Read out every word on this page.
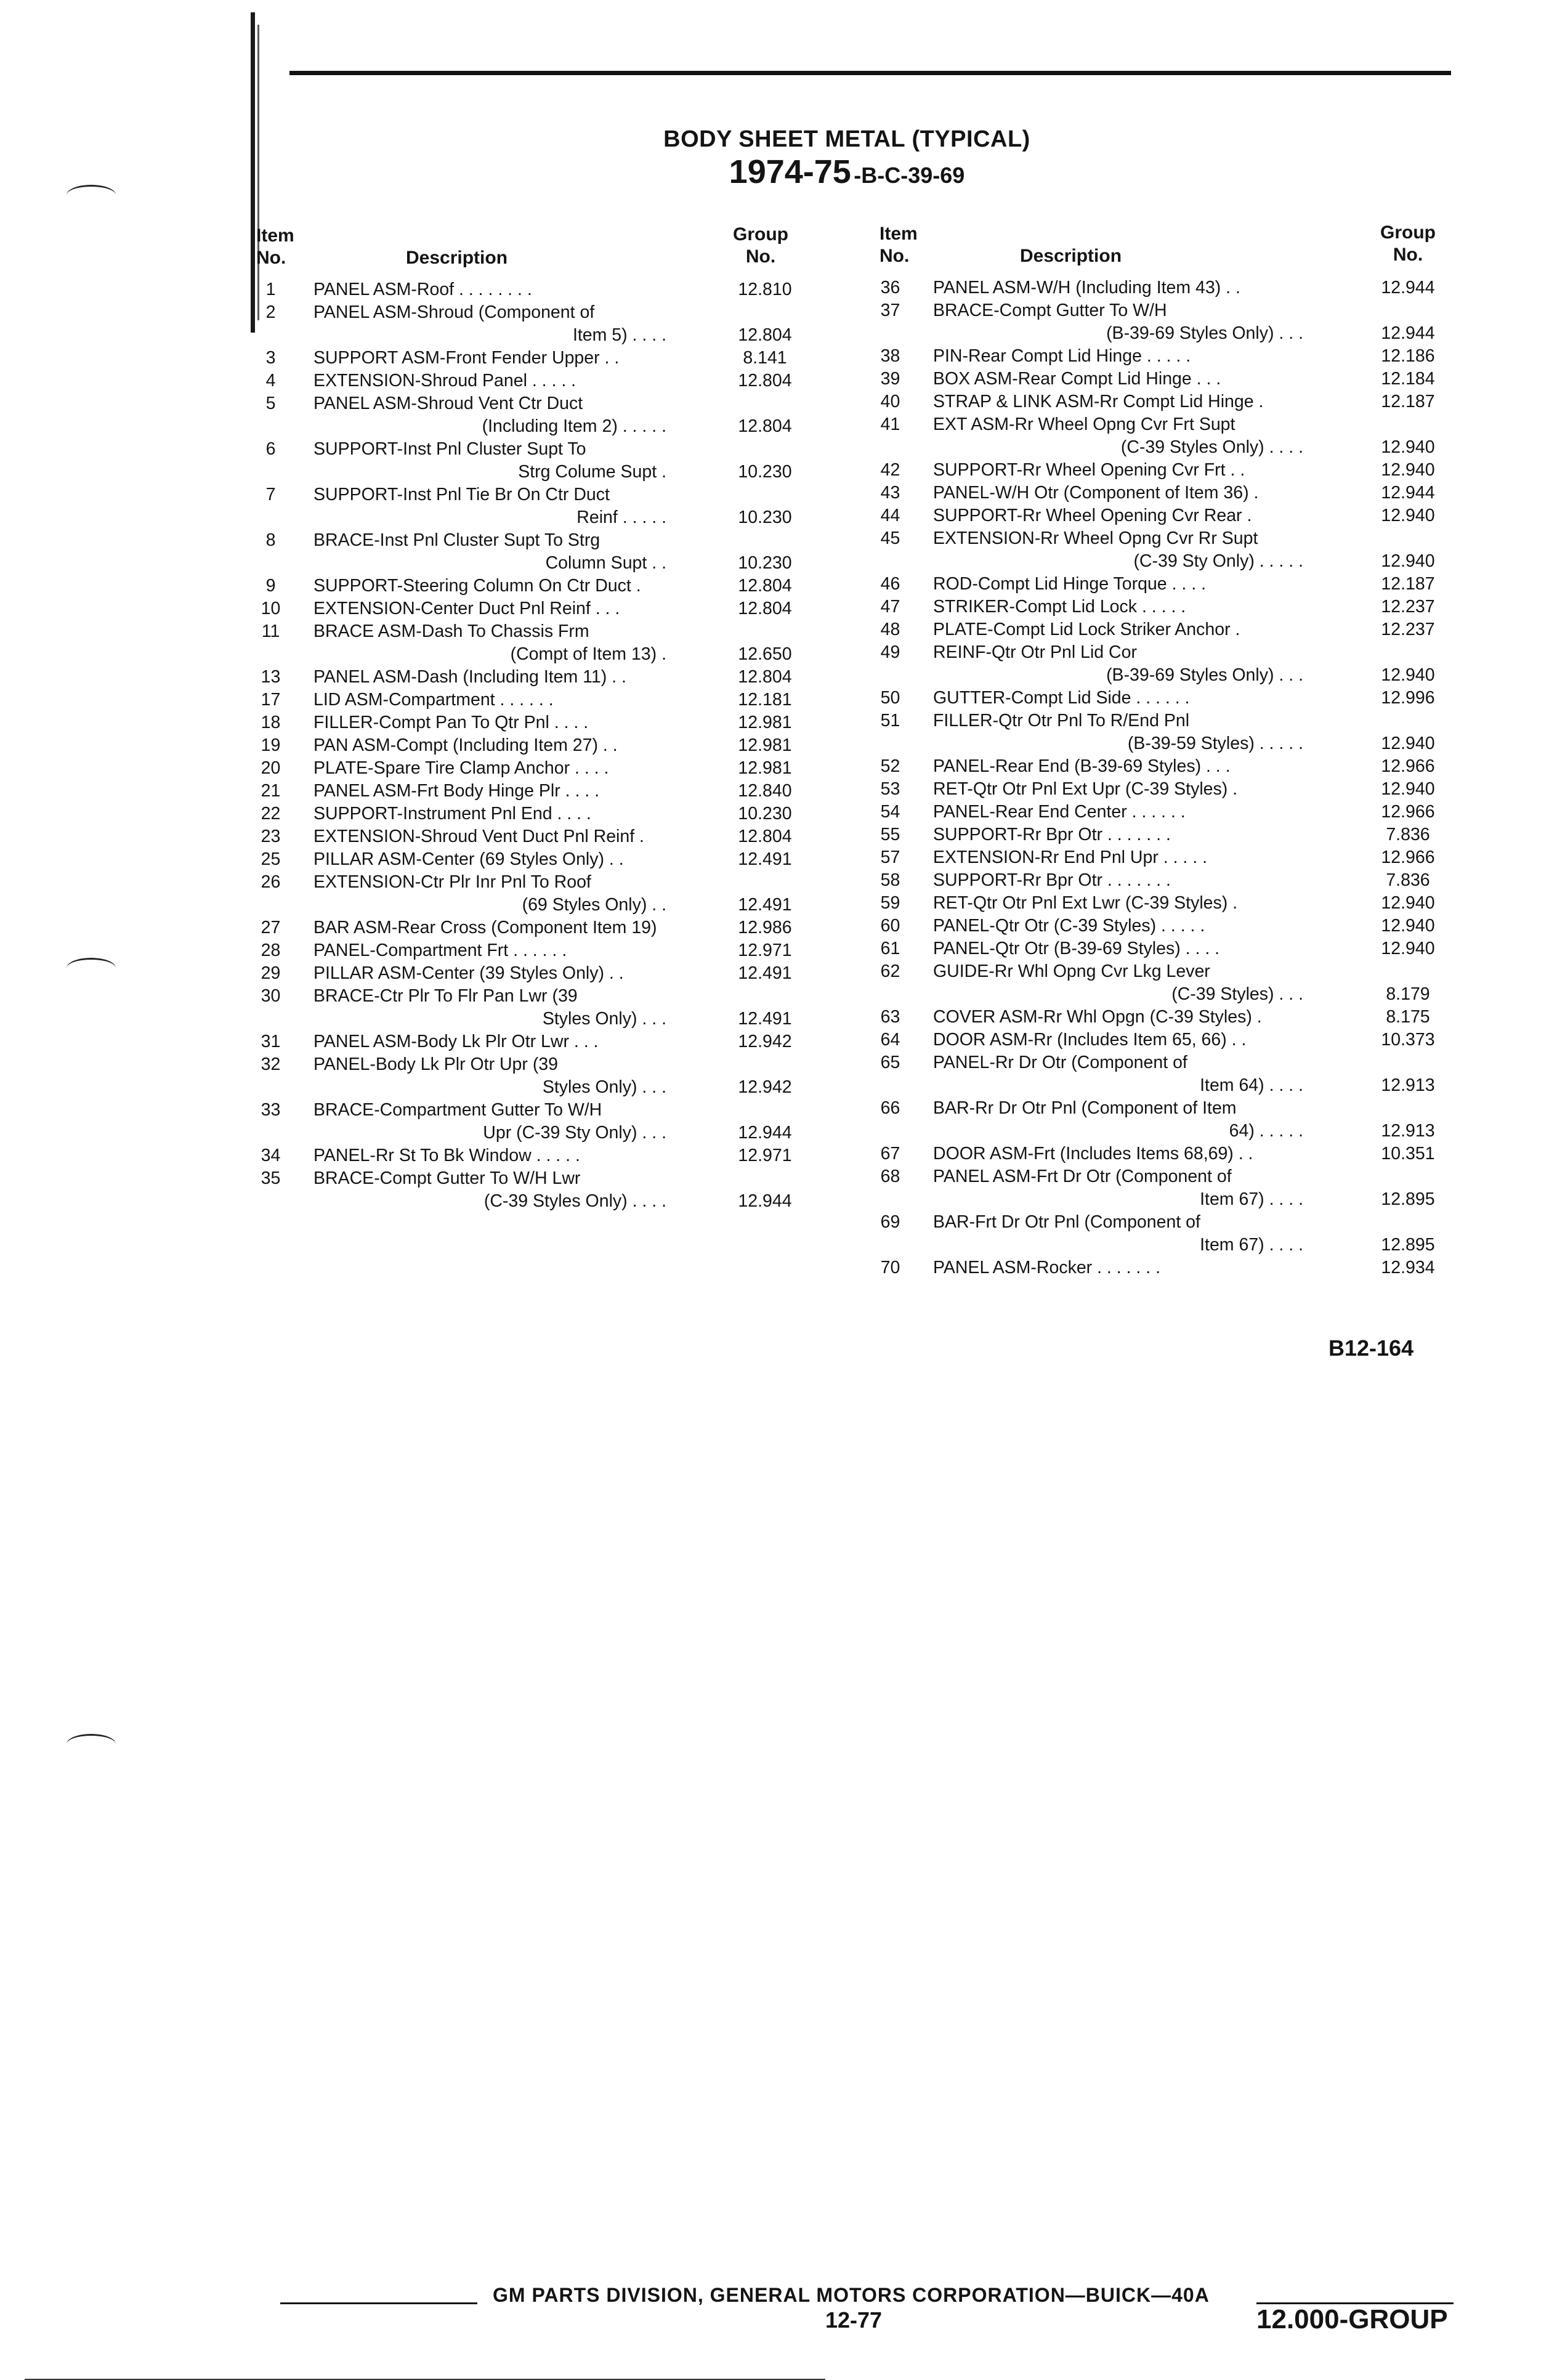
BODY SHEET METAL (TYPICAL)
1974-75 -B-C-39-69
Item
No.	Description
Group
No.
1	PANEL ASM-Roof . . . . . . . .	12.810
2	PANEL ASM-Shroud (Component of
Item 5) . . . .	12.804
3	SUPPORT ASM-Front Fender Upper . .	8.141
4	EXTENSION-Shroud Panel . . . . .	12.804
5	PANEL ASM-Shroud Vent Ctr Duct
(Including Item 2) . . . . .	12.804
6	SUPPORT-Inst Pnl Cluster Supt To
Strg Colume Supt .	10.230
7	SUPPORT-Inst Pnl Tie Br On Ctr Duct
Reinf . . . . .	10.230
8	BRACE-Inst Pnl Cluster Supt To Strg
Column Supt . .	10.230
9	SUPPORT-Steering Column On Ctr Duct .	12.804
10	EXTENSION-Center Duct Pnl Reinf . . .	12.804
11	BRACE ASM-Dash To Chassis Frm
(Compt of Item 13) .	12.650
13	PANEL ASM-Dash (Including Item 11) . .	12.804
17	LID ASM-Compartment . . . . . .	12.181
18	FILLER-Compt Pan To Qtr Pnl . . . .	12.981
19	PAN ASM-Compt (Including Item 27) . .	12.981
20	PLATE-Spare Tire Clamp Anchor . . . .	12.981
21	PANEL ASM-Frt Body Hinge Plr . . . .	12.840
22	SUPPORT-Instrument Pnl End . . . .	10.230
23	EXTENSION-Shroud Vent Duct Pnl Reinf .	12.804
25	PILLAR ASM-Center (69 Styles Only) . .	12.491
26	EXTENSION-Ctr Plr Inr Pnl To Roof
(69 Styles Only) . .	12.491
27	BAR ASM-Rear Cross (Component Item 19)	12.986
28	PANEL-Compartment Frt . . . . . .	12.971
29	PILLAR ASM-Center (39 Styles Only) . .	12.491
30	BRACE-Ctr Plr To Flr Pan Lwr (39
Styles Only) . . .	12.491
31	PANEL ASM-Body Lk Plr Otr Lwr . . .	12.942
32	PANEL-Body Lk Plr Otr Upr (39
Styles Only) . . .	12.942
33	BRACE-Compartment Gutter To W/H
Upr (C-39 Sty Only) . . .	12.944
34	PANEL-Rr St To Bk Window . . . . .	12.971
35	BRACE-Compt Gutter To W/H Lwr
(C-39 Styles Only) . . . .	12.944
Item
No.	Description
Group
No.
36	PANEL ASM-W/H (Including Item 43) . .	12.944
37	BRACE-Compt Gutter To W/H
(B-39-69 Styles Only) . . .	12.944
38	PIN-Rear Compt Lid Hinge . . . . .	12.186
39	BOX ASM-Rear Compt Lid Hinge . . .	12.184
40	STRAP & LINK ASM-Rr Compt Lid Hinge .	12.187
41	EXT ASM-Rr Wheel Opng Cvr Frt Supt
(C-39 Styles Only) . . . .	12.940
42	SUPPORT-Rr Wheel Opening Cvr Frt . .	12.940
43	PANEL-W/H Otr (Component of Item 36) .	12.944
44	SUPPORT-Rr Wheel Opening Cvr Rear .	12.940
45	EXTENSION-Rr Wheel Opng Cvr Rr Supt
(C-39 Sty Only) . . . . .	12.940
46	ROD-Compt Lid Hinge Torque . . . .	12.187
47	STRIKER-Compt Lid Lock . . . . .	12.237
48	PLATE-Compt Lid Lock Striker Anchor .	12.237
49	REINF-Qtr Otr Pnl Lid Cor
(B-39-69 Styles Only) . . .	12.940
50	GUTTER-Compt Lid Side . . . . . .	12.996
51	FILLER-Qtr Otr Pnl To R/End Pnl
(B-39-59 Styles) . . . . .	12.940
52	PANEL-Rear End (B-39-69 Styles) . . .	12.966
53	RET-Qtr Otr Pnl Ext Upr (C-39 Styles) .	12.940
54	PANEL-Rear End Center . . . . . .	12.966
55	SUPPORT-Rr Bpr Otr . . . . . . .	7.836
57	EXTENSION-Rr End Pnl Upr . . . . .	12.966
58	SUPPORT-Rr Bpr Otr . . . . . . .	7.836
59	RET-Qtr Otr Pnl Ext Lwr (C-39 Styles) .	12.940
60	PANEL-Qtr Otr (C-39 Styles) . . . . .	12.940
61	PANEL-Qtr Otr (B-39-69 Styles) . . . .	12.940
62	GUIDE-Rr Whl Opng Cvr Lkg Lever
(C-39 Styles) . . .	8.179
63	COVER ASM-Rr Whl Opgn (C-39 Styles) .	8.175
64	DOOR ASM-Rr (Includes Item 65, 66) . .	10.373
65	PANEL-Rr Dr Otr (Component of
Item 64) . . . .	12.913
66	BAR-Rr Dr Otr Pnl (Component of Item
64) . . . . .	12.913
67	DOOR ASM-Frt (Includes Items 68,69) . .	10.351
68	PANEL ASM-Frt Dr Otr (Component of
Item 67) . . . .	12.895
69	BAR-Frt Dr Otr Pnl (Component of
Item 67) . . . .	12.895
70	PANEL ASM-Rocker . . . . . . .	12.934
B12-164
GM PARTS DIVISION, GENERAL MOTORS CORPORATION—BUICK—40A
12-77	12.000-GROUP
